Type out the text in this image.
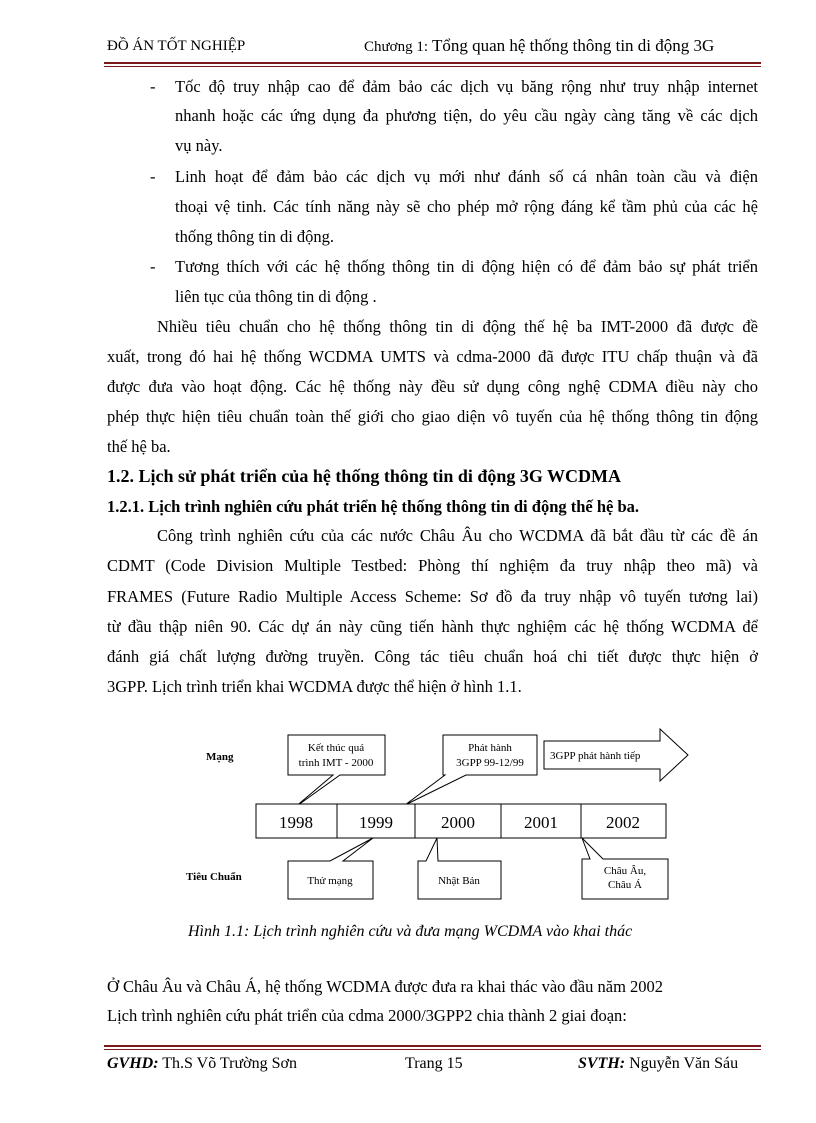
ĐỒ ÁN TỐT NGHIỆP	Chương 1: Tổng quan hệ thống thông tin di động 3G
- Tốc độ truy nhập cao để đảm bảo các dịch vụ băng rộng như truy nhập internet
nhanh hoặc các ứng dụng đa phương tiện, do yêu cầu ngày càng tăng về các dịch
vụ này.
- Linh hoạt để đảm bảo các dịch vụ mới như đánh số cá nhân toàn cầu và điện
thoại vệ tinh. Các tính năng này sẽ cho phép mở rộng đáng kể tầm phủ của các hệ
thống thông tin di động.
- Tương thích với các hệ thống thông tin di động hiện có để đảm bảo sự phát triển
liên tục của thông tin di động .
Nhiều tiêu chuẩn cho hệ thống thông tin di động thế hệ ba IMT-2000 đã được đề
xuất, trong đó hai hệ thống WCDMA UMTS và cdma-2000 đã được ITU chấp thuận và đã
được đưa vào hoạt động. Các hệ thống này đều sử dụng công nghệ CDMA điều này cho
phép thực hiện tiêu chuẩn toàn thế giới cho giao diện vô tuyến của hệ thống thông tin động
thế hệ ba.
1.2. Lịch sử phát triển của hệ thống thông tin di động 3G WCDMA
1.2.1. Lịch trình nghiên cứu phát triển hệ thống thông tin di động thế hệ ba.
Công trình nghiên cứu của các nước Châu Âu cho WCDMA đã bắt đầu từ các đề án
CDMT (Code Division Multiple Testbed: Phòng thí nghiệm đa truy nhập theo mã) và
FRAMES (Future Radio Multiple Access Scheme: Sơ đồ đa truy nhập vô tuyến tương lai)
từ đầu thập niên 90. Các dự án này cũng tiến hành thực nghiệm các hệ thống WCDMA để
đánh giá chất lượng đường truyền. Công tác tiêu chuẩn hoá chi tiết được thực hiện ở
3GPP. Lịch trình triển khai WCDMA được thể hiện ở hình 1.1.
Mạng
Tiêu Chuẩn
Kết thúc quá
trình IMT - 2000
Phát hành
3GPP 99-12/99
3GPP phát hành tiếp
1998	1999	2000	2001	2002
Thử mạng	Nhật Bản
Châu Âu,
Châu Á
Hình 1.1: Lịch trình nghiên cứu và đưa mạng WCDMA vào khai thác
Ở Châu Âu và Châu Á, hệ thống WCDMA được đưa ra khai thác vào đầu năm 2002
Lịch trình nghiên cứu phát triển của cdma 2000/3GPP2 chia thành 2 giai đoạn:
GVHD: Th.S Võ Trường Sơn	Trang 15	SVTH: Nguyễn Văn Sáu
